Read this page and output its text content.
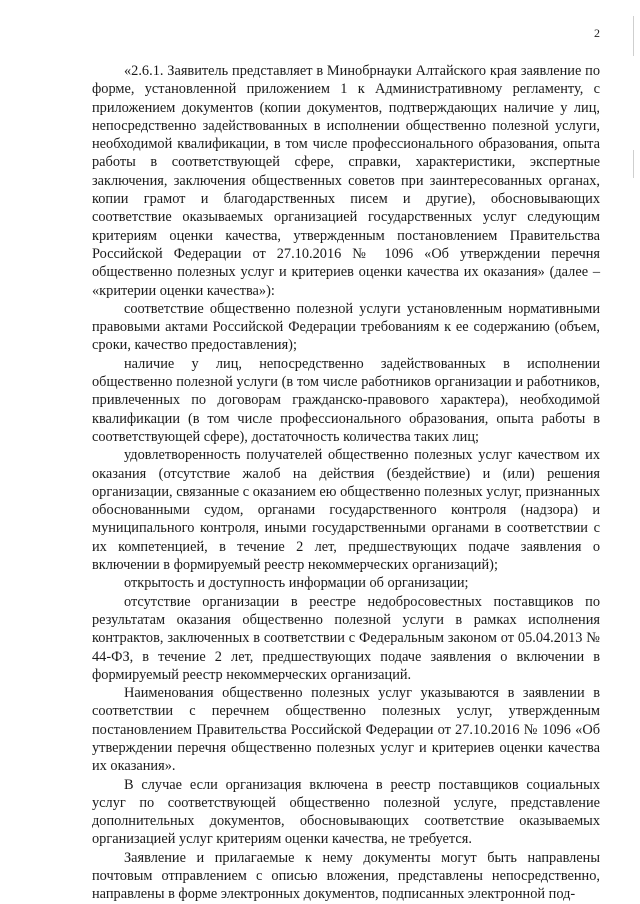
2

«2.6.1. Заявитель представляет в Минобрнауки Алтайского края заявление по форме, установленной приложением 1 к Административному регламенту, с приложением документов (копии документов, подтверждающих наличие у лиц, непосредственно задействованных в исполнении общественно полезной услуги, необходимой квалификации, в том числе профессионального образования, опыта работы в соответствующей сфере, справки, характеристики, экспертные заключения, заключения общественных советов при заинтересованных органах, копии грамот и благодарственных писем и другие), обосновывающих соответствие оказываемых организацией государственных услуг следующим критериям оценки качества, утвержденным постановлением Правительства Российской Федерации от 27.10.2016 № 1096 «Об утверждении перечня общественно полезных услуг и критериев оценки качества их оказания» (далее – «критерии оценки качества»):

соответствие общественно полезной услуги установленным нормативными правовыми актами Российской Федерации требованиям к ее содержанию (объем, сроки, качество предоставления);

наличие у лиц, непосредственно задействованных в исполнении общественно полезной услуги (в том числе работников организации и работников, привлеченных по договорам гражданско-правового характера), необходимой квалификации (в том числе профессионального образования, опыта работы в соответствующей сфере), достаточность количества таких лиц;

удовлетворенность получателей общественно полезных услуг качеством их оказания (отсутствие жалоб на действия (бездействие) и (или) решения организации, связанные с оказанием ею общественно полезных услуг, признанных обоснованными судом, органами государственного контроля (надзора) и муниципального контроля, иными государственными органами в соответствии с их компетенцией, в течение 2 лет, предшествующих подаче заявления о включении в формируемый реестр некоммерческих организаций);

открытость и доступность информации об организации;

отсутствие организации в реестре недобросовестных поставщиков по результатам оказания общественно полезной услуги в рамках исполнения контрактов, заключенных в соответствии с Федеральным законом от 05.04.2013 № 44-ФЗ, в течение 2 лет, предшествующих подаче заявления о включении в формируемый реестр некоммерческих организаций.

Наименования общественно полезных услуг указываются в заявлении в соответствии с перечнем общественно полезных услуг, утвержденным постановлением Правительства Российской Федерации от 27.10.2016 № 1096 «Об утверждении перечня общественно полезных услуг и критериев оценки качества их оказания».

В случае если организация включена в реестр поставщиков социальных услуг по соответствующей общественно полезной услуге, представление дополнительных документов, обосновывающих соответствие оказываемых организацией услуг критериям оценки качества, не требуется.

Заявление и прилагаемые к нему документы могут быть направлены почтовым отправлением с описью вложения, представлены непосредственно, направлены в форме электронных документов, подписанных электронной под-
